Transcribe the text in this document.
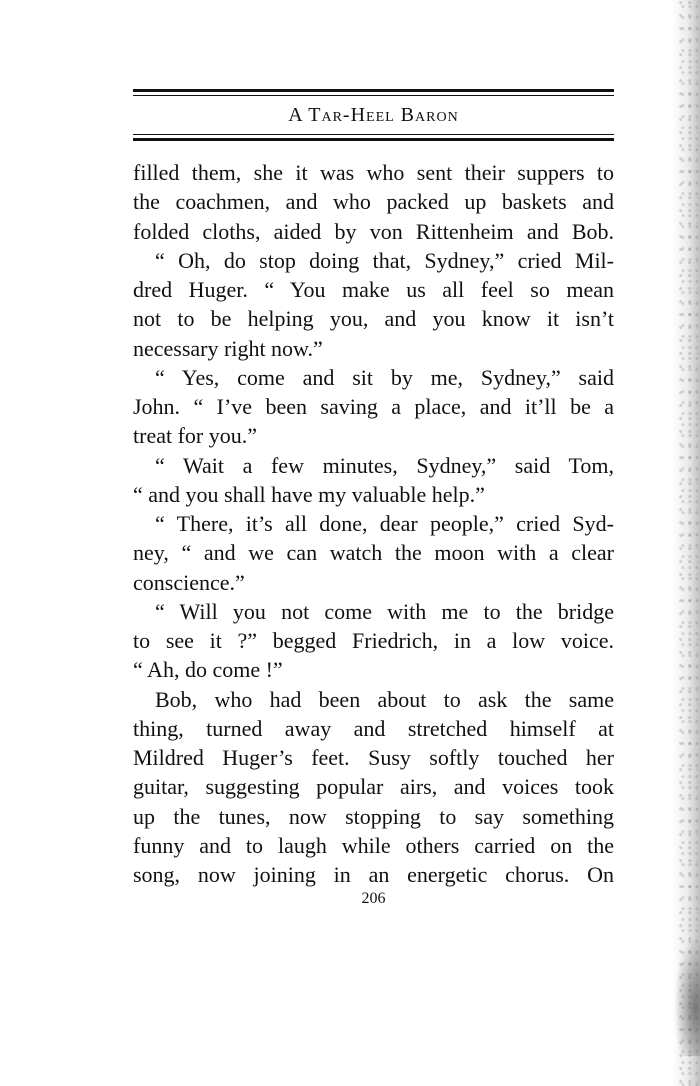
A Tar-Heel Baron
filled them, she it was who sent their suppers to
the coachmen, and who packed up baskets and
folded cloths, aided by von Rittenheim and Bob.
“ Oh, do stop doing that, Sydney,” cried Mil-
dred Huger. “ You make us all feel so mean
not to be helping you, and you know it isn’t
necessary right now.”
“ Yes, come and sit by me, Sydney,” said
John. “ I’ve been saving a place, and it’ll be a
treat for you.”
“ Wait a few minutes, Sydney,” said Tom,
“ and you shall have my valuable help.”
“ There, it’s all done, dear people,” cried Syd-
ney, “ and we can watch the moon with a clear
conscience.”
“ Will you not come with me to the bridge
to see it ?” begged Friedrich, in a low voice.
“ Ah, do come !”
Bob, who had been about to ask the same
thing, turned away and stretched himself at
Mildred Huger’s feet. Susy softly touched her
guitar, suggesting popular airs, and voices took
up the tunes, now stopping to say something
funny and to laugh while others carried on the
song, now joining in an energetic chorus. On
206
